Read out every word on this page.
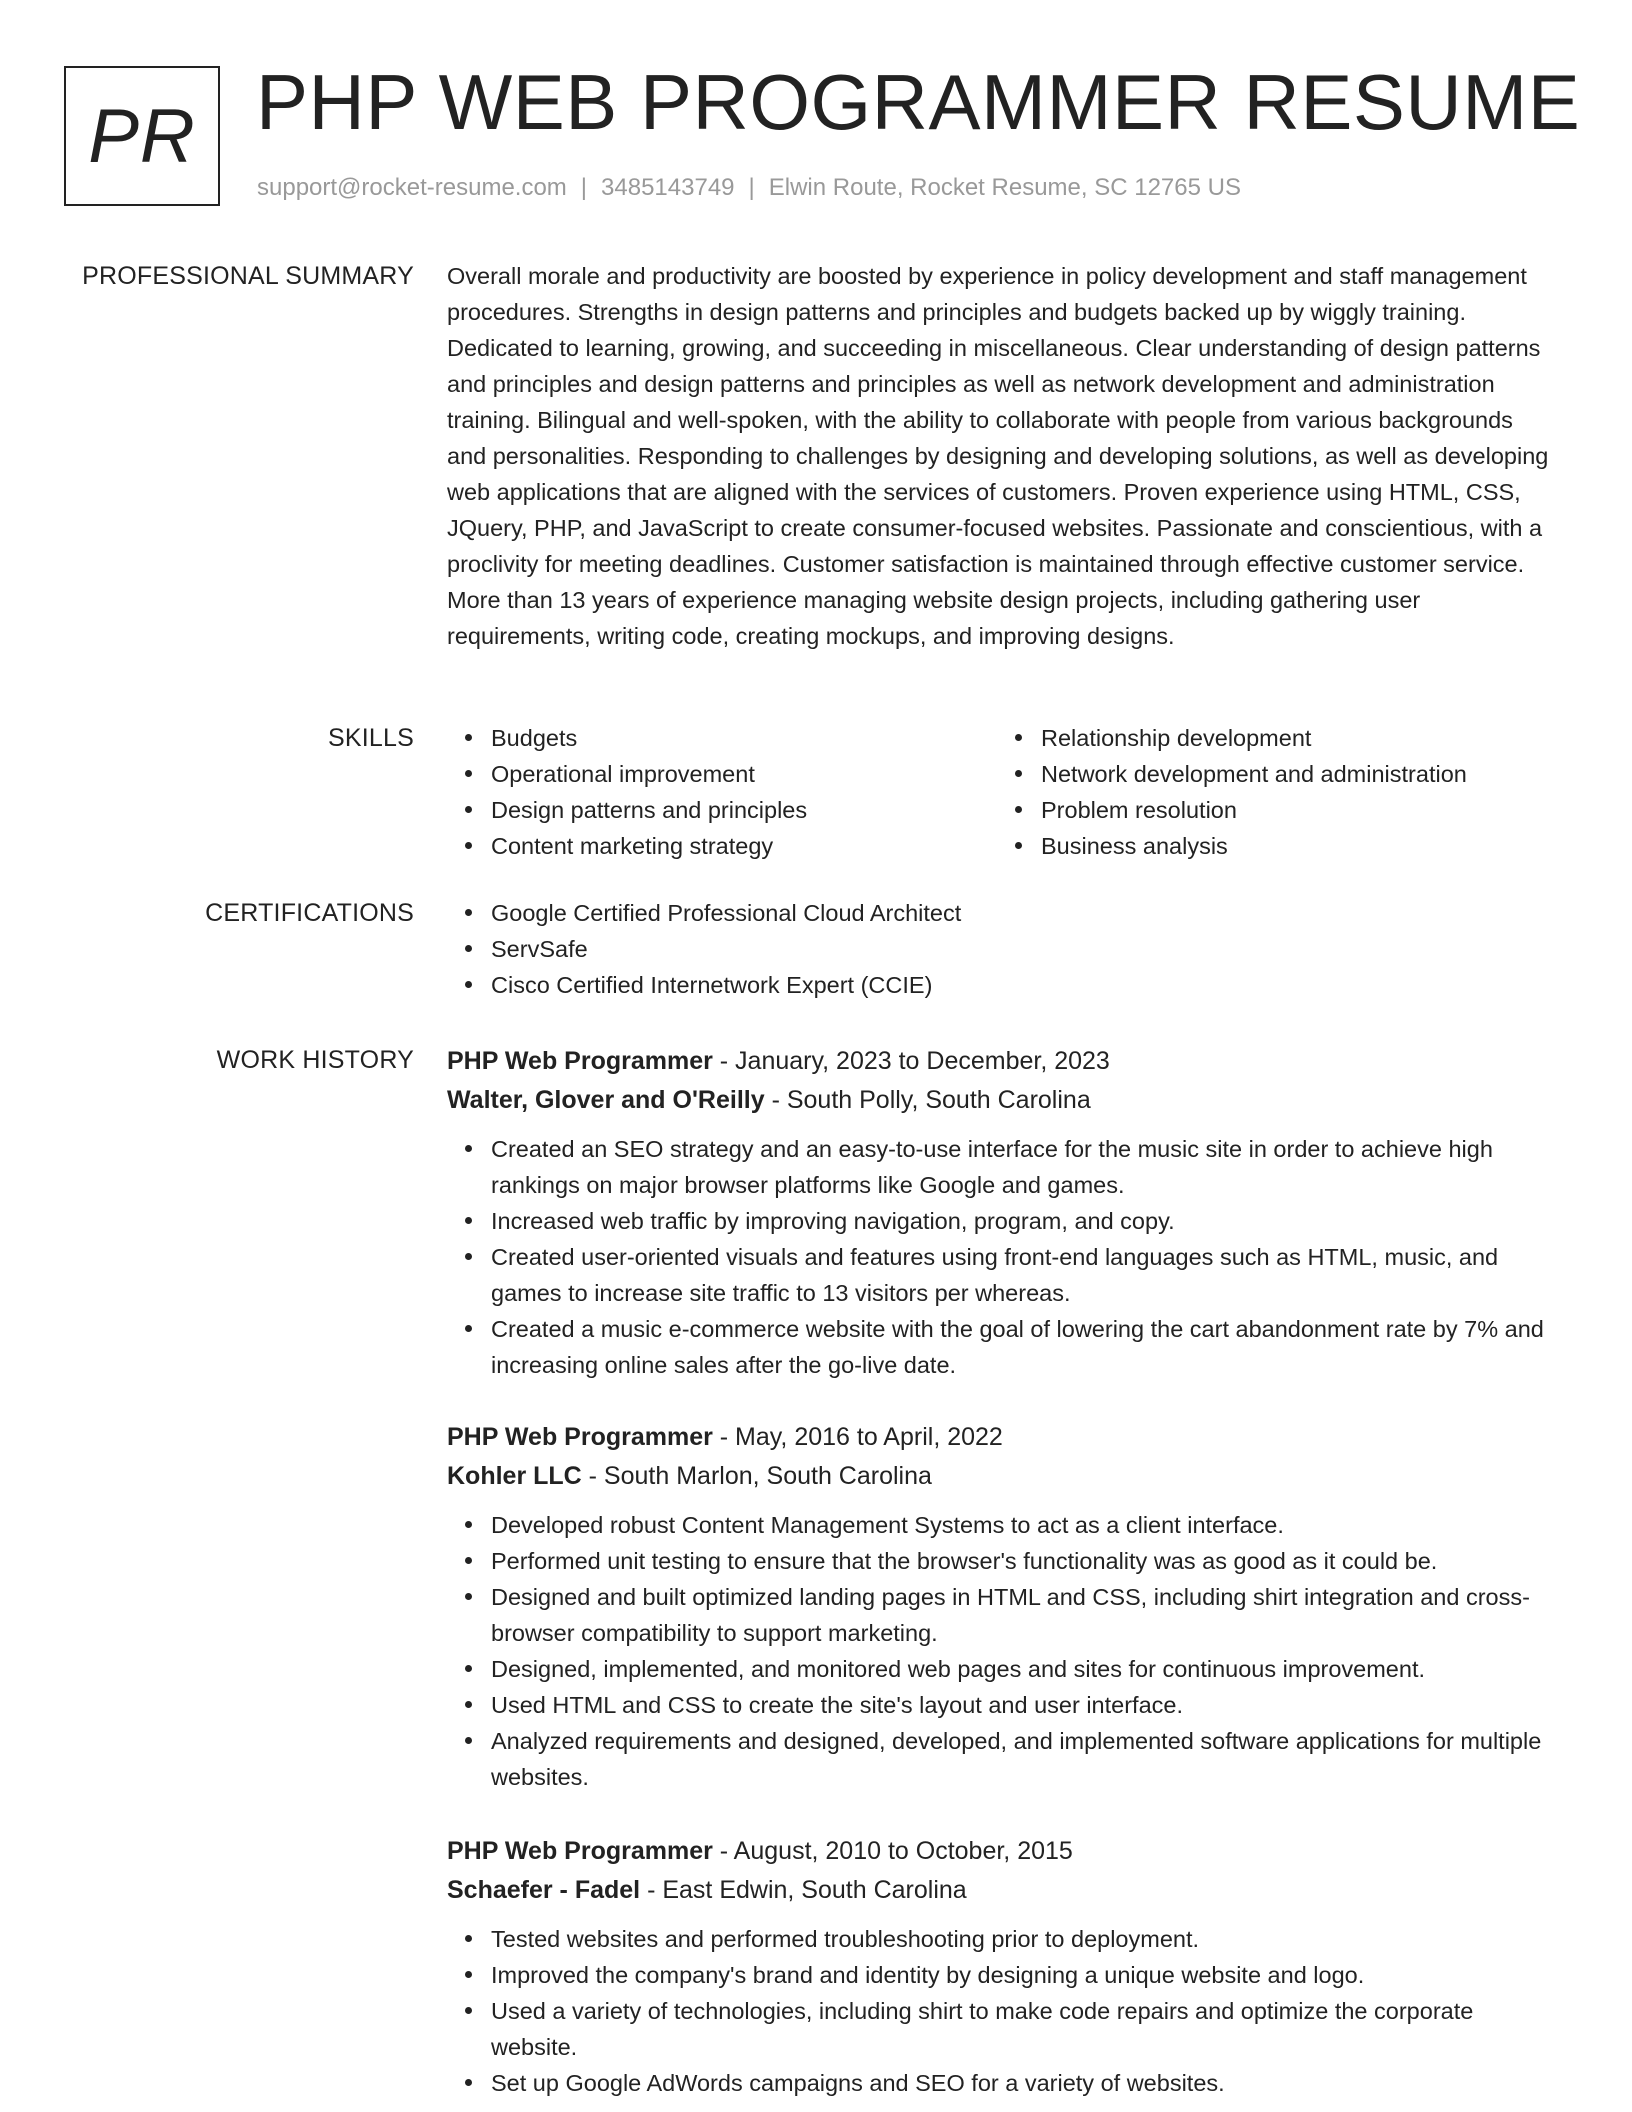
PR PHP WEB PROGRAMMER RESUME
support@rocket-resume.com | 3485143749 | Elwin Route, Rocket Resume, SC 12765 US
PROFESSIONAL SUMMARY Overall morale and productivity are boosted by experience in policy development and staff management procedures. Strengths in design patterns and principles and budgets backed up by wiggly training. Dedicated to learning, growing, and succeeding in miscellaneous. Clear understanding of design patterns and principles and design patterns and principles as well as network development and administration training. Bilingual and well-spoken, with the ability to collaborate with people from various backgrounds and personalities. Responding to challenges by designing and developing solutions, as well as developing web applications that are aligned with the services of customers. Proven experience using HTML, CSS, JQuery, PHP, and JavaScript to create consumer-focused websites. Passionate and conscientious, with a proclivity for meeting deadlines. Customer satisfaction is maintained through effective customer service. More than 13 years of experience managing website design projects, including gathering user requirements, writing code, creating mockups, and improving designs.

SKILLS	Budgets
Operational improvement
Design patterns and principles
Content marketing strategy
Relationship development
Network development and administration
Problem resolution
Business analysis
CERTIFICATIONS	Google Certified Professional Cloud Architect
ServSafe
Cisco Certified Internetwork Expert (CCIE)
WORK HISTORY PHP Web Programmer - January, 2023 to December, 2023
Walter, Glover and O'Reilly - South Polly, South Carolina
Created an SEO strategy and an easy-to-use interface for the music site in order to achieve high rankings on major browser platforms like Google and games.
Increased web traffic by improving navigation, program, and copy.
Created user-oriented visuals and features using front-end languages such as HTML, music, and games to increase site traffic to 13 visitors per whereas.
Created a music e-commerce website with the goal of lowering the cart abandonment rate by 7% and increasing online sales after the go-live date.
PHP Web Programmer - May, 2016 to April, 2022
Kohler LLC - South Marlon, South Carolina
Developed robust Content Management Systems to act as a client interface.
Performed unit testing to ensure that the browser's functionality was as good as it could be.
Designed and built optimized landing pages in HTML and CSS, including shirt integration and cross-browser compatibility to support marketing.
Designed, implemented, and monitored web pages and sites for continuous improvement.
Used HTML and CSS to create the site's layout and user interface.
Analyzed requirements and designed, developed, and implemented software applications for multiple websites.
PHP Web Programmer - August, 2010 to October, 2015
Schaefer - Fadel - East Edwin, South Carolina
Tested websites and performed troubleshooting prior to deployment.
Improved the company's brand and identity by designing a unique website and logo.
Used a variety of technologies, including shirt to make code repairs and optimize the corporate website.
Set up Google AdWords campaigns and SEO for a variety of websites.
